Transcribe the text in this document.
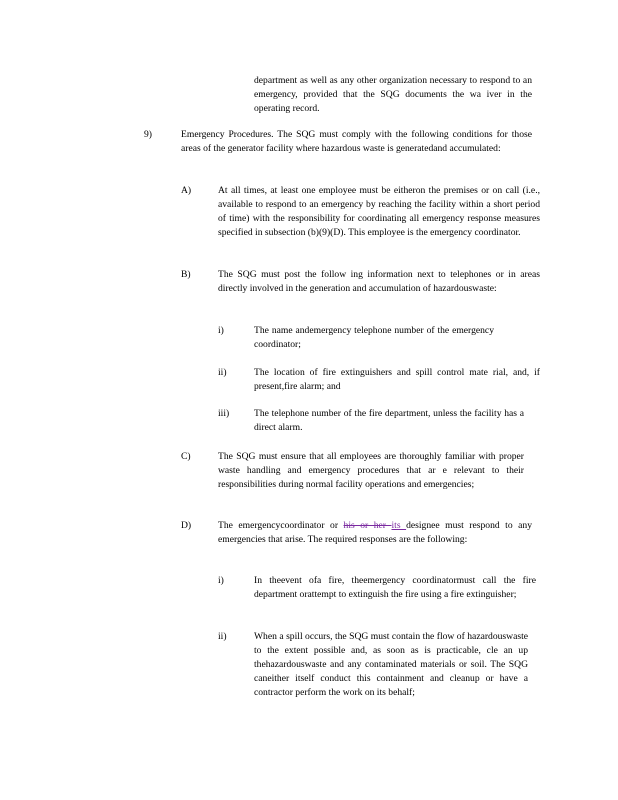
department as well as any other organization necessary to respond to an emergency, provided that the SQG documents the wa iver in the operating record.
9)	Emergency Procedures. The SQG must comply with the following conditions for those areas of the generator facility where hazardous waste is generatedand accumulated:
A)	At all times, at least one employee must be eitheron the premises or on call (i.e., available to respond to an emergency by reaching the facility within a short period of time) with the responsibility for coordinating all emergency response measures specified in subsection (b)(9)(D). This employee is the emergency coordinator.
B)	The SQG must post the follow ing information next to telephones or in areas directly involved in the generation and accumulation of hazardouswaste:
i)	The name andemergency telephone number of the emergency coordinator;
ii)	The location of fire extinguishers and spill control mate rial, and, if present,fire alarm; and
iii)	The telephone number of the fire department, unless the facility has a direct alarm.
C)	The SQG must ensure that all employees are thoroughly familiar with proper waste handling and emergency procedures that ar e relevant to their responsibilities during normal facility operations and emergencies;
D)	The emergencycoordinator or his or her its designee must respond to any emergencies that arise. The required responses are the following:
i)	In theevent ofa fire, theemergency coordinatormust call the fire department orattempt to extinguish the fire using a fire extinguisher;
ii)	When a spill occurs, the SQG must contain the flow of hazardouswaste to the extent possible and, as soon as is practicable, cle an up thehazardouswaste and any contaminated materials or soil. The SQG caneither itself conduct this containment and cleanup or have a contractor perform the work on its behalf;
